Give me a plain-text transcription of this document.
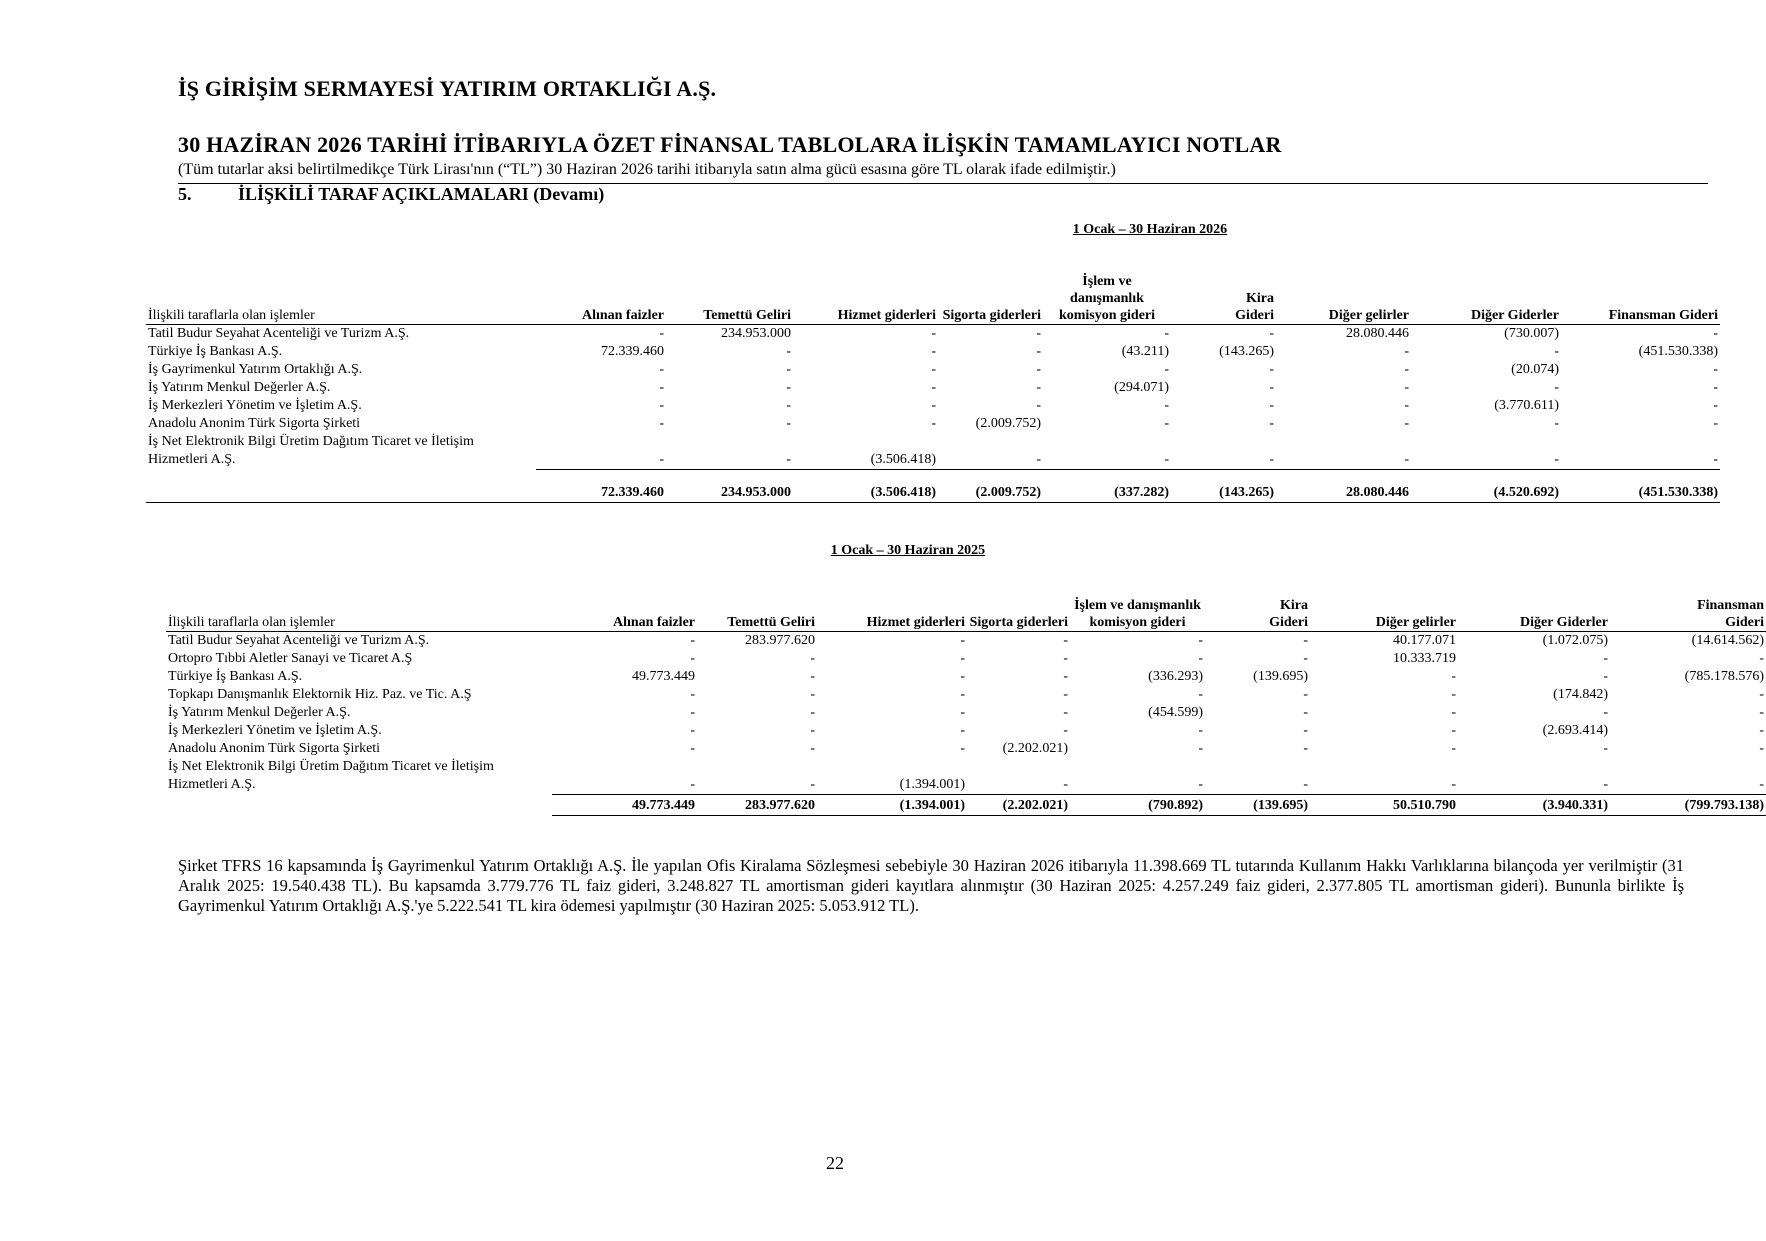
İŞ GİRİŞİM SERMAYESİ YATIRIM ORTAKLIĞI A.Ş.
30 HAZİRAN 2026 TARİHİ İTİBARIYLA ÖZET FİNANSAL TABLOLARA İLİŞKİN TAMAMLAYICI NOTLAR
(Tüm tutarlar aksi belirtilmedikçe Türk Lirası'nın (“TL”) 30 Haziran 2026 tarihi itibarıyla satın alma gücü esasına göre TL olarak ifade edilmiştir.)
5.	İLİŞKİLİ TARAF AÇIKLAMALARI (Devamı)
1 Ocak – 30 Haziran 2026
İlişkili taraflarla olan işlemler	Alınan faizler	Temettü Geliri	Hizmet giderleri	Sigorta giderleri	İşlem ve danışmanlık komisyon gideri	Kira Gideri	Diğer gelirler	Diğer Giderler	Finansman Gideri
Tatil Budur Seyahat Acenteliği ve Turizm A.Ş.	-	234.953.000	-	-	-	-	28.080.446	(730.007)	-
Türkiye İş Bankası A.Ş.	72.339.460	-	-	-	(43.211)	(143.265)	-	-	(451.530.338)
İş Gayrimenkul Yatırım Ortaklığı A.Ş.	-	-	-	-	-	-	-	(20.074)	-
İş Yatırım Menkul Değerler A.Ş.	-	-	-	-	(294.071)	-	-	-	-
İş Merkezleri Yönetim ve İşletim A.Ş.	-	-	-	-	-	-	-	(3.770.611)	-
Anadolu Anonim Türk Sigorta Şirketi	-	-	-	(2.009.752)	-	-	-	-	-
İş Net Elektronik Bilgi Üretim Dağıtım Ticaret ve İletişim Hizmetleri A.Ş.	-	-	(3.506.418)	-	-	-	-	-	-
	72.339.460	234.953.000	(3.506.418)	(2.009.752)	(337.282)	(143.265)	28.080.446	(4.520.692)	(451.530.338)
1 Ocak – 30 Haziran 2025
İlişkili taraflarla olan işlemler	Alınan faizler	Temettü Geliri	Hizmet giderleri	Sigorta giderleri	İşlem ve danışmanlık komisyon gideri	Kira Gideri	Diğer gelirler	Diğer Giderler	Finansman Gideri
Tatil Budur Seyahat Acenteliği ve Turizm A.Ş.	-	283.977.620	-	-	-	-	40.177.071	(1.072.075)	(14.614.562)
Ortopro Tıbbi Aletler Sanayi ve Ticaret A.Ş	-	-	-	-	-	-	10.333.719	-	-
Türkiye İş Bankası A.Ş.	49.773.449	-	-	-	(336.293)	(139.695)	-	-	(785.178.576)
Topkapı Danışmanlık Elektornik Hiz. Paz. ve Tic. A.Ş	-	-	-	-	-	-	-	(174.842)	-
İş Yatırım Menkul Değerler A.Ş.	-	-	-	-	(454.599)	-	-	-	-
İş Merkezleri Yönetim ve İşletim A.Ş.	-	-	-	-	-	-	-	(2.693.414)	-
Anadolu Anonim Türk Sigorta Şirketi	-	-	-	(2.202.021)	-	-	-	-	-
İş Net Elektronik Bilgi Üretim Dağıtım Ticaret ve İletişim Hizmetleri A.Ş.	-	-	(1.394.001)	-	-	-	-	-	-
	49.773.449	283.977.620	(1.394.001)	(2.202.021)	(790.892)	(139.695)	50.510.790	(3.940.331)	(799.793.138)
Şirket TFRS 16 kapsamında İş Gayrimenkul Yatırım Ortaklığı A.Ş. İle yapılan Ofis Kiralama Sözleşmesi sebebiyle 30 Haziran 2026 itibarıyla 11.398.669 TL tutarında Kullanım Hakkı Varlıklarına bilançoda yer verilmiştir (31 Aralık 2025: 19.540.438 TL). Bu kapsamda 3.779.776 TL faiz gideri, 3.248.827 TL amortisman gideri kayıtlara alınmıştır (30 Haziran 2025: 4.257.249 faiz gideri, 2.377.805 TL amortisman gideri). Bununla birlikte İş Gayrimenkul Yatırım Ortaklığı A.Ş.'ye 5.222.541 TL kira ödemesi yapılmıştır (30 Haziran 2025: 5.053.912 TL).
22
